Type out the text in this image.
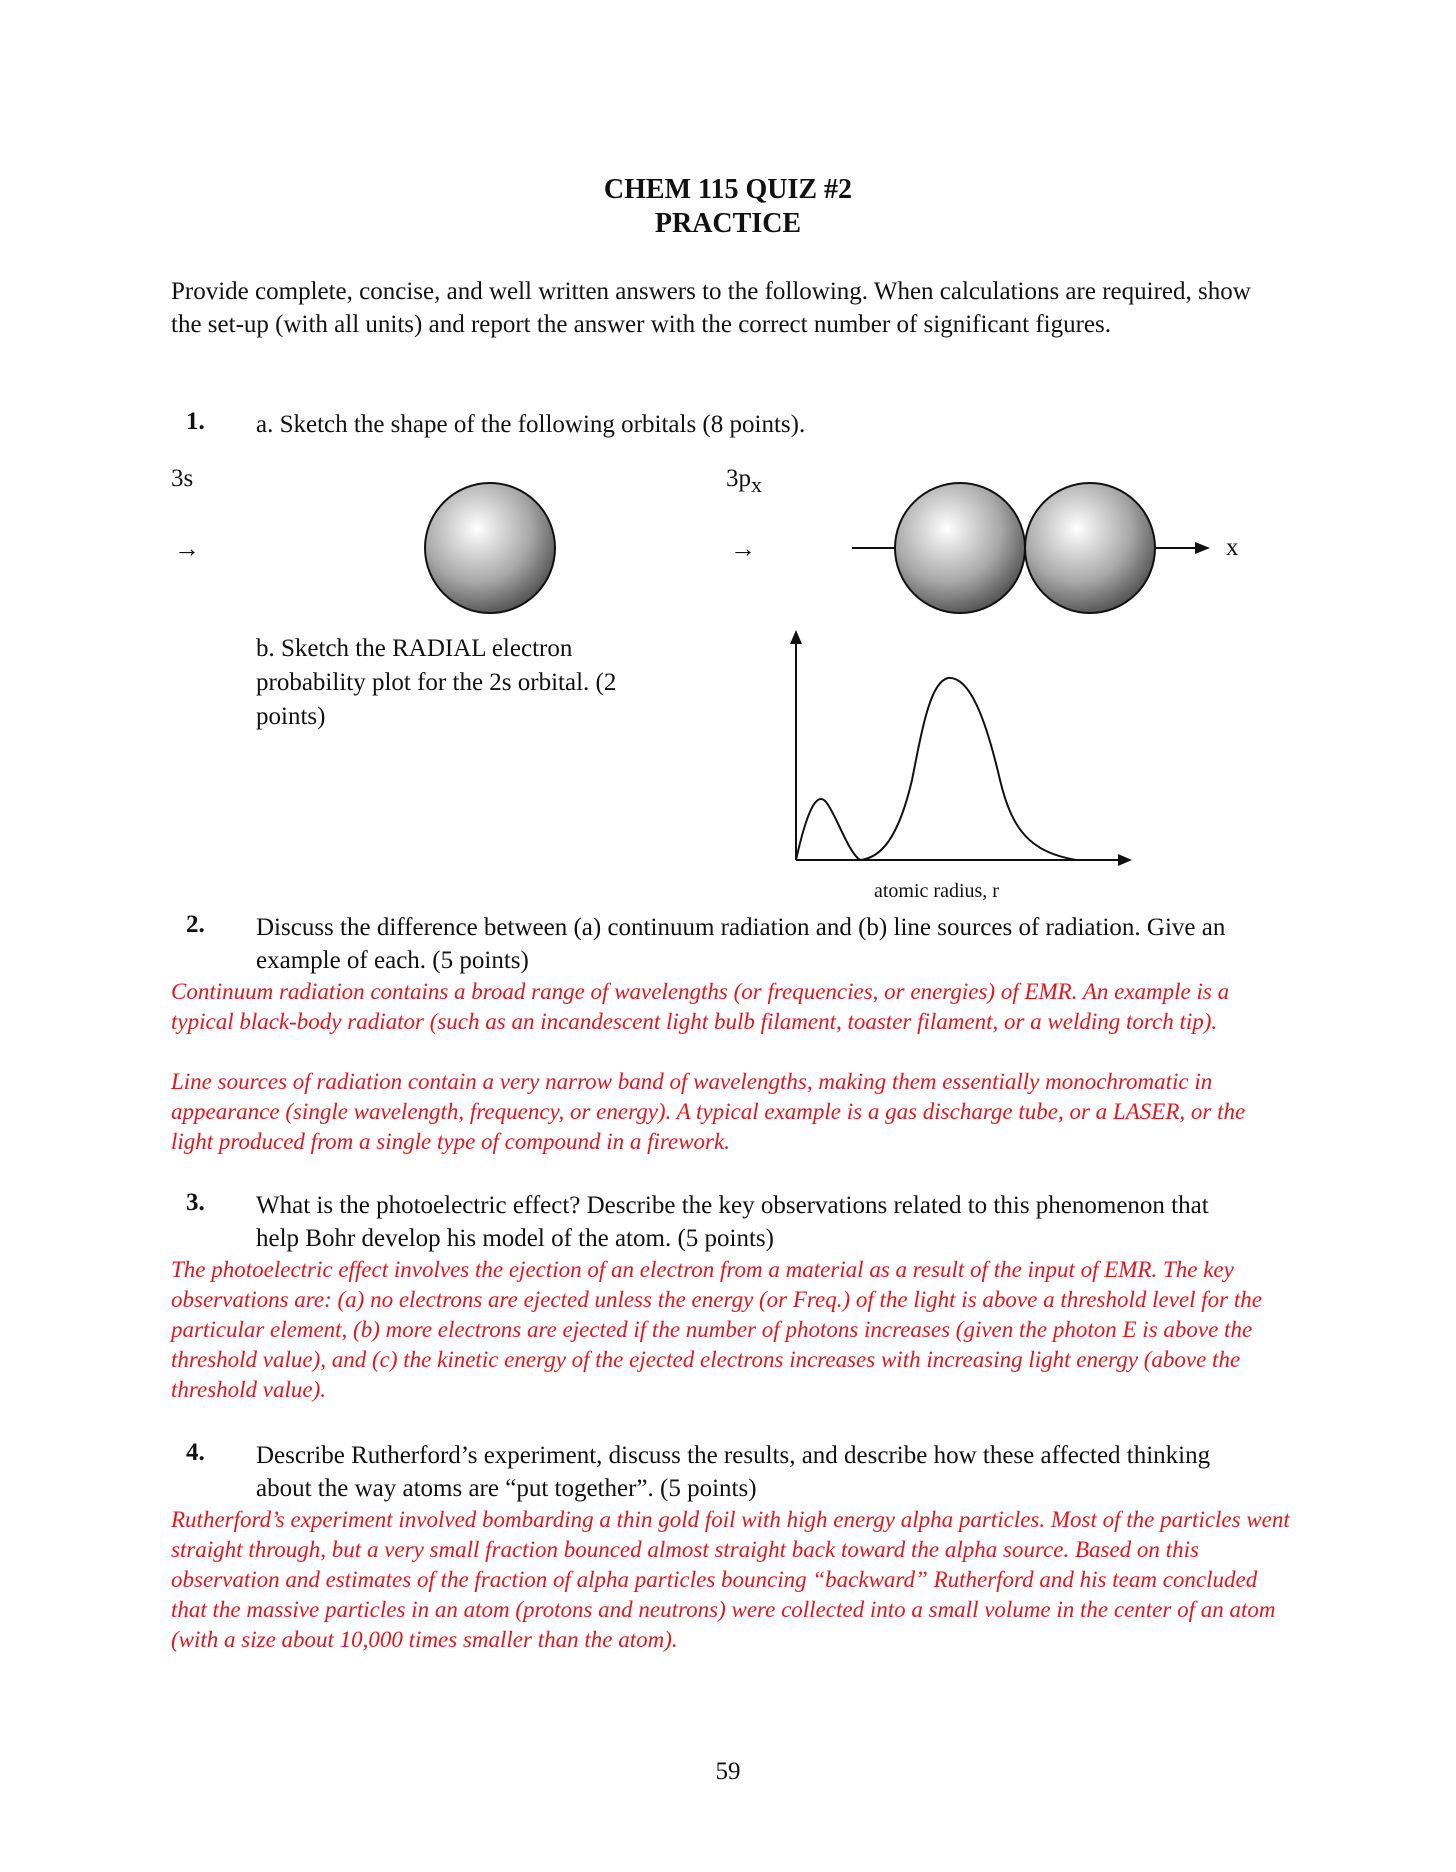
CHEM 115 QUIZ #2
PRACTICE
Provide complete, concise, and well written answers to the following. When calculations are required, show the set-up (with all units) and report the answer with the correct number of significant figures.
1. a. Sketch the shape of the following orbitals (8 points).
3s
→
$3p_x$
→	x
b. Sketch the RADIAL electron probability plot for the 2s orbital. (2 points)
atomic radius, r
2. Discuss the difference between (a) continuum radiation and (b) line sources of radiation. Give an example of each. (5 points)
Continuum radiation contains a broad range of wavelengths (or frequencies, or energies) of EMR. An example is a typical black-body radiator (such as an incandescent light bulb filament, toaster filament, or a welding torch tip).
Line sources of radiation contain a very narrow band of wavelengths, making them essentially monochromatic in appearance (single wavelength, frequency, or energy). A typical example is a gas discharge tube, or a LASER, or the light produced from a single type of compound in a firework.
3. What is the photoelectric effect? Describe the key observations related to this phenomenon that help Bohr develop his model of the atom. (5 points)
The photoelectric effect involves the ejection of an electron from a material as a result of the input of EMR. The key observations are: (a) no electrons are ejected unless the energy (or Freq.) of the light is above a threshold level for the particular element, (b) more electrons are ejected if the number of photons increases (given the photon E is above the threshold value), and (c) the kinetic energy of the ejected electrons increases with increasing light energy (above the threshold value).
4. Describe Rutherford’s experiment, discuss the results, and describe how these affected thinking about the way atoms are “put together”. (5 points)
Rutherford’s experiment involved bombarding a thin gold foil with high energy alpha particles. Most of the particles went straight through, but a very small fraction bounced almost straight back toward the alpha source. Based on this observation and estimates of the fraction of alpha particles bouncing “backward” Rutherford and his team concluded that the massive particles in an atom (protons and neutrons) were collected into a small volume in the center of an atom (with a size about 10,000 times smaller than the atom).
59
